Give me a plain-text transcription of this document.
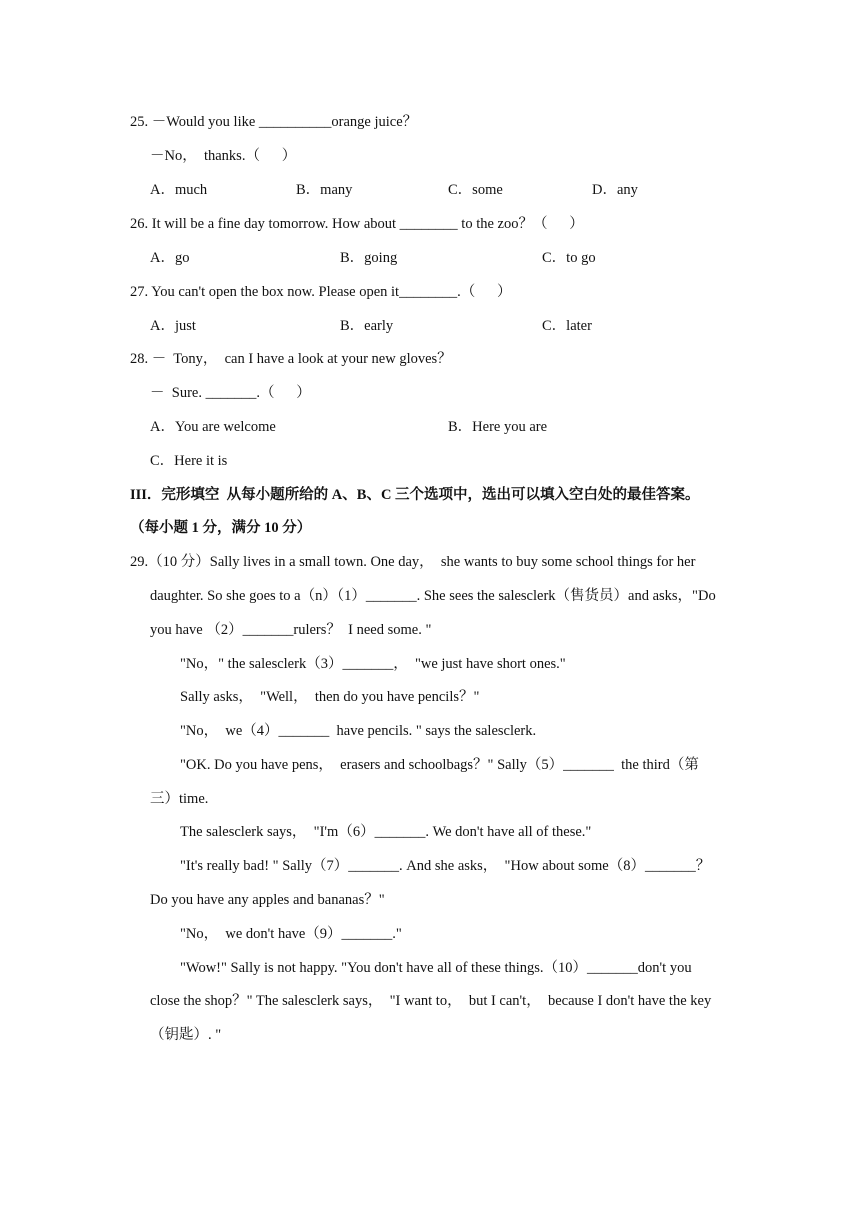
25. －Would you like __________orange juice？
－No，  thanks.（      ）
A．much	B．many	C．some	D．any
26. It will be a fine day tomorrow. How about ________ to the zoo？（      ）
A．go	B．going	C．to go
27. You can't open the box now. Please open it________.（      ）
A．just	B．early	C．later
28. －  Tony，  can I have a look at your new gloves？
－  Sure. _______.（      ）
A．You are welcome	B．Here you are
C．Here it is
III．完形填空  从每小题所给的 A、B、C 三个选项中，选出可以填入空白处的最佳答案。
（每小题 1 分，满分 10 分）
29.（10 分）Sally lives in a small town. One day，  she wants to buy some school things for her
daughter. So she goes to a（n）（1）_______. She sees the salesclerk（售货员）and asks，"Do
you have （2）_______rulers？  I need some. "
"No，" the salesclerk（3）_______，  "we just have short ones."
Sally asks，  "Well，  then do you have pencils？"
"No，  we（4）_______  have pencils. " says the salesclerk.
"OK. Do you have pens，  erasers and schoolbags？" Sally（5）_______  the third（第
三）time.
The salesclerk says，  "I'm（6）_______. We don't have all of these."
"It's really bad! " Sally（7）_______. And she asks，  "How about some（8）_______？
Do you have any apples and bananas？"
"No，  we don't have（9）_______."
"Wow!" Sally is not happy. "You don't have all of these things.（10）_______don't you
close the shop？" The salesclerk says，  "I want to，  but I can't，  because I don't have the key
（钥匙）. "
